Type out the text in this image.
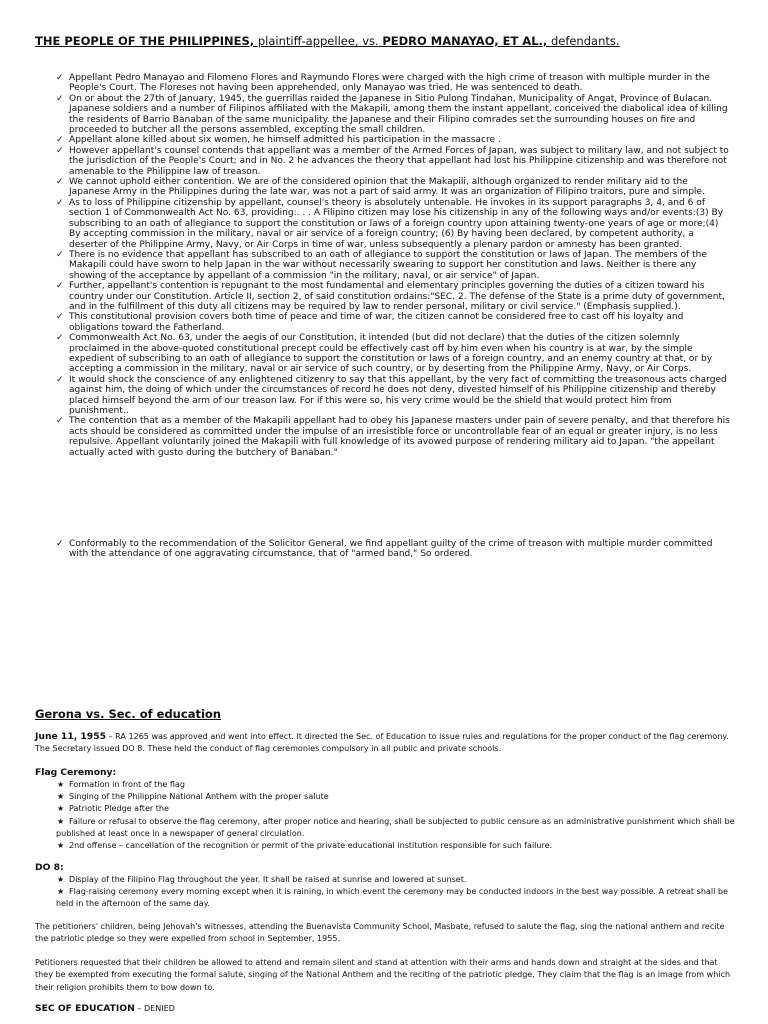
THE PEOPLE OF THE PHILIPPINES, plaintiff-appellee, vs. PEDRO MANAYAO, ET AL., defendants.
✓ Appellant Pedro Manayao and Filomeno Flores and Raymundo Flores were charged with the high crime of treason with multiple murder in the People's Court. The Floreses not having been apprehended, only Manayao was tried. He was sentenced to death.
✓ On or about the 27th of January, 1945, the guerrillas raided the Japanese in Sitio Pulong Tindahan, Municipality of Angat, Province of Bulacan. Japanese soldiers and a number of Filipinos affiliated with the Makapili, among them the instant appellant, conceived the diabolical idea of killing the residents of Barrio Banaban of the same municipality. the Japanese and their Filipino comrades set the surrounding houses on fire and proceeded to butcher all the persons assembled, excepting the small children.
✓ Appellant alone killed about six women, he himself admitted his participation in the massacre .
✓ However appellant's counsel contends that appellant was a member of the Armed Forces of Japan, was subject to military law, and not subject to the jurisdiction of the People's Court; and in No. 2 he advances the theory that appellant had lost his Philippine citizenship and was therefore not amenable to the Philippine law of treason.
✓ We cannot uphold either contention. We are of the considered opinion that the Makapili, although organized to render military aid to the Japanese Army in the Philippines during the late war, was not a part of said army. It was an organization of Filipino traitors, pure and simple.
✓ As to loss of Philippine citizenship by appellant, counsel's theory is absolutely untenable. He invokes in its support paragraphs 3, 4, and 6 of section 1 of Commonwealth Act No. 63, providing:. . . A Filipino citizen may lose his citizenship in any of the following ways and/or events:(3) By subscribing to an oath of allegiance to support the constitution or laws of a foreign country upon attaining twenty-one years of age or more;(4) By accepting commission in the military, naval or air service of a foreign country; (6) By having been declared, by competent authority, a deserter of the Philippine Army, Navy, or Air Corps in time of war, unless subsequently a plenary pardon or amnesty has been granted.
✓ There is no evidence that appellant has subscribed to an oath of allegiance to support the constitution or laws of Japan. The members of the Makapili could have sworn to help Japan in the war without necessarily swearing to support her constitution and laws. Neither is there any showing of the acceptance by appellant of a commission "in the military, naval, or air service" of Japan.
✓ Further, appellant's contention is repugnant to the most fundamental and elementary principles governing the duties of a citizen toward his country under our Constitution. Article II, section 2, of said constitution ordains:"SEC. 2. The defense of the State is a prime duty of government, and in the fulfillment of this duty all citizens may be required by law to render personal, military or civil service." (Emphasis supplied.).
✓ This constitutional provision covers both time of peace and time of war, the citizen cannot be considered free to cast off his loyalty and obligations toward the Fatherland.
✓ Commonwealth Act No. 63, under the aegis of our Constitution, it intended (but did not declare) that the duties of the citizen solemnly proclaimed in the above-quoted constitutional precept could be effectively cast off by him even when his country is at war, by the simple expedient of subscribing to an oath of allegiance to support the constitution or laws of a foreign country, and an enemy country at that, or by accepting a commission in the military, naval or air service of such country, or by deserting from the Philippine Army, Navy, or Air Corps.
✓ It would shock the conscience of any enlightened citizenry to say that this appellant, by the very fact of committing the treasonous acts charged against him, the doing of which under the circumstances of record he does not deny, divested himself of his Philippine citizenship and thereby placed himself beyond the arm of our treason law. For if this were so, his very crime would be the shield that would protect him from punishment..
✓ The contention that as a member of the Makapili appellant had to obey his Japanese masters under pain of severe penalty, and that therefore his acts should be considered as committed under the impulse of an irresistible force or uncontrollable fear of an equal or greater injury, is no less repulsive. Appellant voluntarily joined the Makapili with full knowledge of its avowed purpose of rendering military aid to Japan. "the appellant actually acted with gusto during the butchery of Banaban."
✓ Conformably to the recommendation of the Solicitor General, we find appellant guilty of the crime of treason with multiple murder committed with the attendance of one aggravating circumstance, that of "armed band," So ordered.
Gerona vs. Sec. of education
June 11, 1955 – RA 1265 was approved and went into effect. It directed the Sec. of Education to issue rules and regulations for the proper conduct of the flag ceremony. The Secretary issued DO 8. These held the conduct of flag ceremonies compulsory in all public and private schools.
Flag Ceremony:
★ Formation in front of the flag
★ Singing of the Philippine National Anthem with the proper salute
★ Patriotic Pledge after the
★ Failure or refusal to observe the flag ceremony, after proper notice and hearing, shall be subjected to public censure as an administrative punishment which shall be published at least once in a newspaper of general circulation.
★ 2nd offense – cancellation of the recognition or permit of the private educational institution responsible for such failure.
DO 8:
★ Display of the Filipino Flag throughout the year. It shall be raised at sunrise and lowered at sunset.
★ Flag-raising ceremony every morning except when it is raining, in which event the ceremony may be conducted indoors in the best way possible. A retreat shall be held in the afternoon of the same day.
The petitioners' children, being Jehovah's witnesses, attending the Buenavista Community School, Masbate, refused to salute the flag, sing the national anthem and recite the patriotic pledge so they were expelled from school in September, 1955.
Petitioners requested that their children be allowed to attend and remain silent and stand at attention with their arms and hands down and straight at the sides and that they be exempted from executing the formal salute, singing of the National Anthem and the reciting of the patriotic pledge. They claim that the flag is an image from which their religion prohibits them to bow down to.
SEC OF EDUCATION – DENIED
